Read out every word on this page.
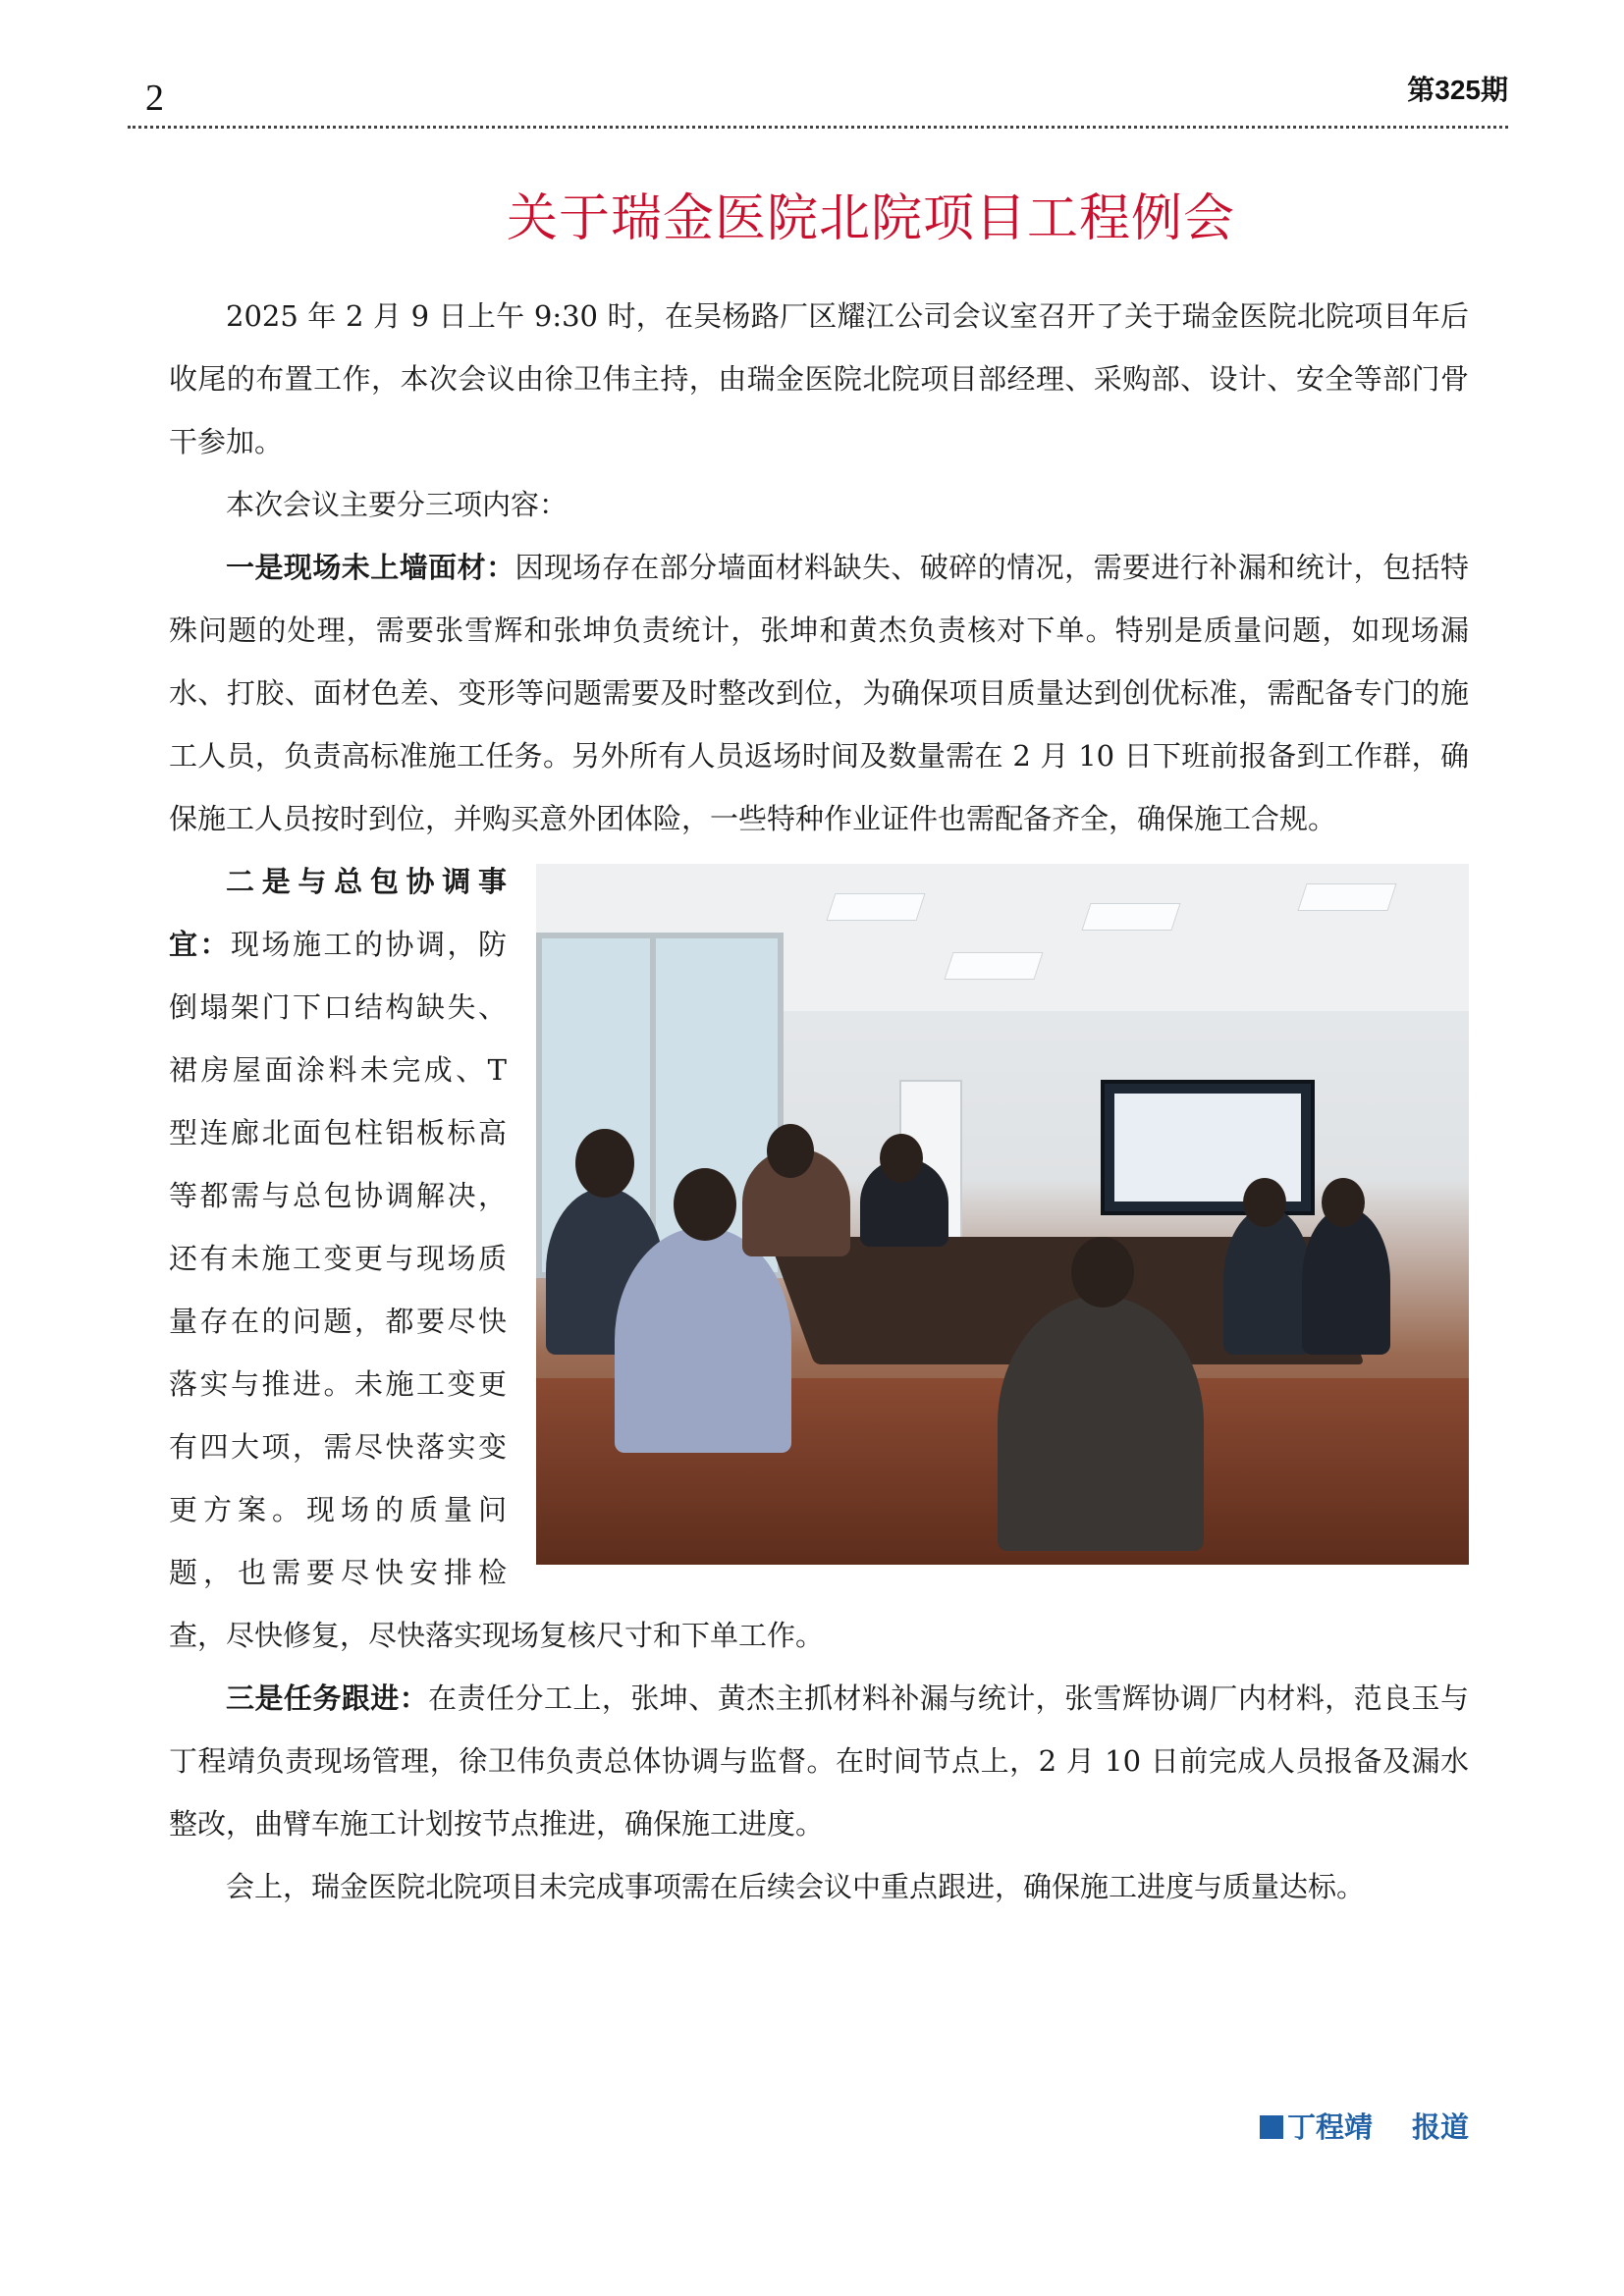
2	第325期
关于瑞金医院北院项目工程例会

2025 年 2 月 9 日上午 9:30 时，在吴杨路厂区耀江公司会议室召开了关于瑞金医院北院项目年后收尾的布置工作，本次会议由徐卫伟主持，由瑞金医院北院项目部经理、采购部、设计、安全等部门骨干参加。

本次会议主要分三项内容：

一是现场未上墙面材：因现场存在部分墙面材料缺失、破碎的情况，需要进行补漏和统计，包括特殊问题的处理，需要张雪辉和张坤负责统计，张坤和黄杰负责核对下单。特别是质量问题，如现场漏水、打胶、面材色差、变形等问题需要及时整改到位，为确保项目质量达到创优标准，需配备专门的施工人员，负责高标准施工任务。另外所有人员返场时间及数量需在 2 月 10 日下班前报备到工作群，确保施工人员按时到位，并购买意外团体险，一些特种作业证件也需配备齐全，确保施工合规。

二是与总包协调事宜：现场施工的协调，防倒塌架门下口结构缺失、裙房屋面涂料未完成、T 型连廊北面包柱铝板标高等都需与总包协调解决，还有未施工变更与现场质量存在的问题，都要尽快落实与推进。未施工变更有四大项，需尽快落实变更方案。现场的质量问题，也需要尽快安排检查，尽快修复，尽快落实现场复核尺寸和下单工作。

三是任务跟进：在责任分工上，张坤、黄杰主抓材料补漏与统计，张雪辉协调厂内材料，范良玉与丁程靖负责现场管理，徐卫伟负责总体协调与监督。在时间节点上，2 月 10 日前完成人员报备及漏水整改，曲臂车施工计划按节点推进，确保施工进度。

会上，瑞金医院北院项目未完成事项需在后续会议中重点跟进，确保施工进度与质量达标。

丁程靖 报道
